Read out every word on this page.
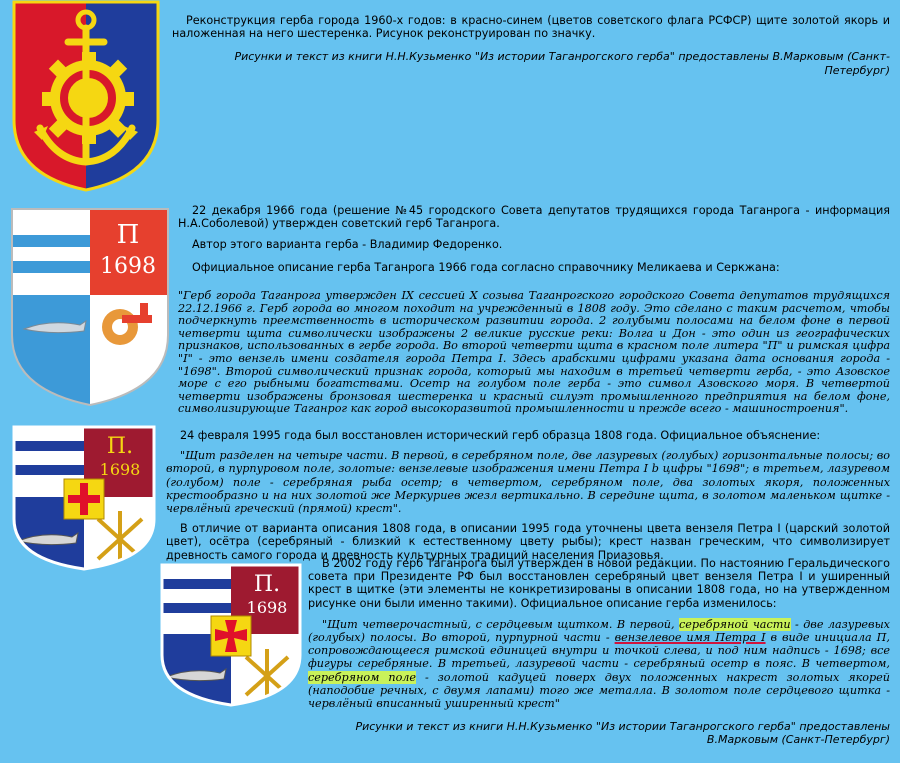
Реконструкция герба города 1960-х годов: в красно-синем (цветов советского флага РСФСР) щите золотой якорь и наложенная на него шестеренка. Рисунок реконструирован по значку.

Рисунки и текст из книги Н.Н.Кузьменко "Из истории Таганрогского герба" предоставлены В.Марковым (Санкт-Петербург)

П
1698

22 декабря 1966 года (решение №45 городского Совета депутатов трудящихся города Таганрога - информация Н.А.Соболевой) утвержден советский герб Таганрога.

Автор этого варианта герба - Владимир Федоренко.

Официальное описание герба Таганрога 1966 года согласно справочнику Меликаева и Серкжана:

"Герб города Таганрога утвержден IX сессией X созыва Таганрогского городского Совета депутатов трудящихся 22.12.1966 г. Герб города во многом походит на учрежденный в 1808 году. Это сделано с таким расчетом, чтобы подчеркнуть преемственность в историческом развитии города. 2 голубыми полосами на белом фоне в первой четверти щита символически изображены 2 великие русские реки: Волга и Дон - это один из географических признаков, использованных в гербе города. Во второй четверти щита в красном поле литера "П" и римская цифра "I" - это вензель имени создателя города Петра I. Здесь арабскими цифрами указана дата основания города - "1698". Второй символический признак города, который мы находим в третьей четверти герба, - это Азовское море с его рыбными богатствами. Осетр на голубом поле герба - это символ Азовского моря. В четвертой четверти изображены бронзовая шестеренка и красный силуэт промышленного предприятия на белом фоне, символизирующие Таганрог как город высокоразвитой промышленности и прежде всего - машиностроения".

П.
1698

24 февраля 1995 года был восстановлен исторический герб образца 1808 года. Официальное объяснение:

"Щит разделен на четыре части. В первой, в серебряном поле, две лазуревых (голубых) горизонтальные полосы; во второй, в пурпуровом поле, золотые: вензелевые изображения имени Петра I b цифры "1698"; в третьем, лазуревом (голубом) поле - серебряная рыба осетр; в четвертом, серебряном поле, два золотых якоря, положенных крестообразно и на них золотой же Меркуриев жезл вертикально. В середине щита, в золотом маленьком щитке - червлёный греческий (прямой) крест".

В отличие от варианта описания 1808 года, в описании 1995 года уточнены цвета вензеля Петра I (царский золотой цвет), осётра (серебряный - близкий к естественному цвету рыбы); крест назван греческим, что символизирует древность самого города и древность культурных традиций населения Приазовья.

П.
1698

В 2002 году герб Таганрога был утвержден в новой редакции. По настоянию Геральдического совета при Президенте РФ был восстановлен серебряный цвет вензеля Петра I и уширенный крест в щитке (эти элементы не конкретизированы в описании 1808 года, но на утвержденном рисунке они были именно такими). Официальное описание герба изменилось:

"Щит четверочастный, с сердцевым щитком. В первой, серебряной части - две лазуревых (голубых) полосы. Во второй, пурпурной части - вензелевое имя Петра I в виде инициала П, сопровождающееся римской единицей внутри и точкой слева, и под ним надпись - 1698; все фигуры серебряные. В третьей, лазуревой части - серебряный осетр в пояс. В четвертом, серебряном поле - золотой кадуцей поверх двух положенных накрест золотых якорей (наподобие речных, с двумя лапами) того же металла. В золотом поле сердцевого щитка - червлёный вписанный уширенный крест"

Рисунки и текст из книги Н.Н.Кузьменко "Из истории Таганрогского герба" предоставлены В.Марковым (Санкт-Петербург)
